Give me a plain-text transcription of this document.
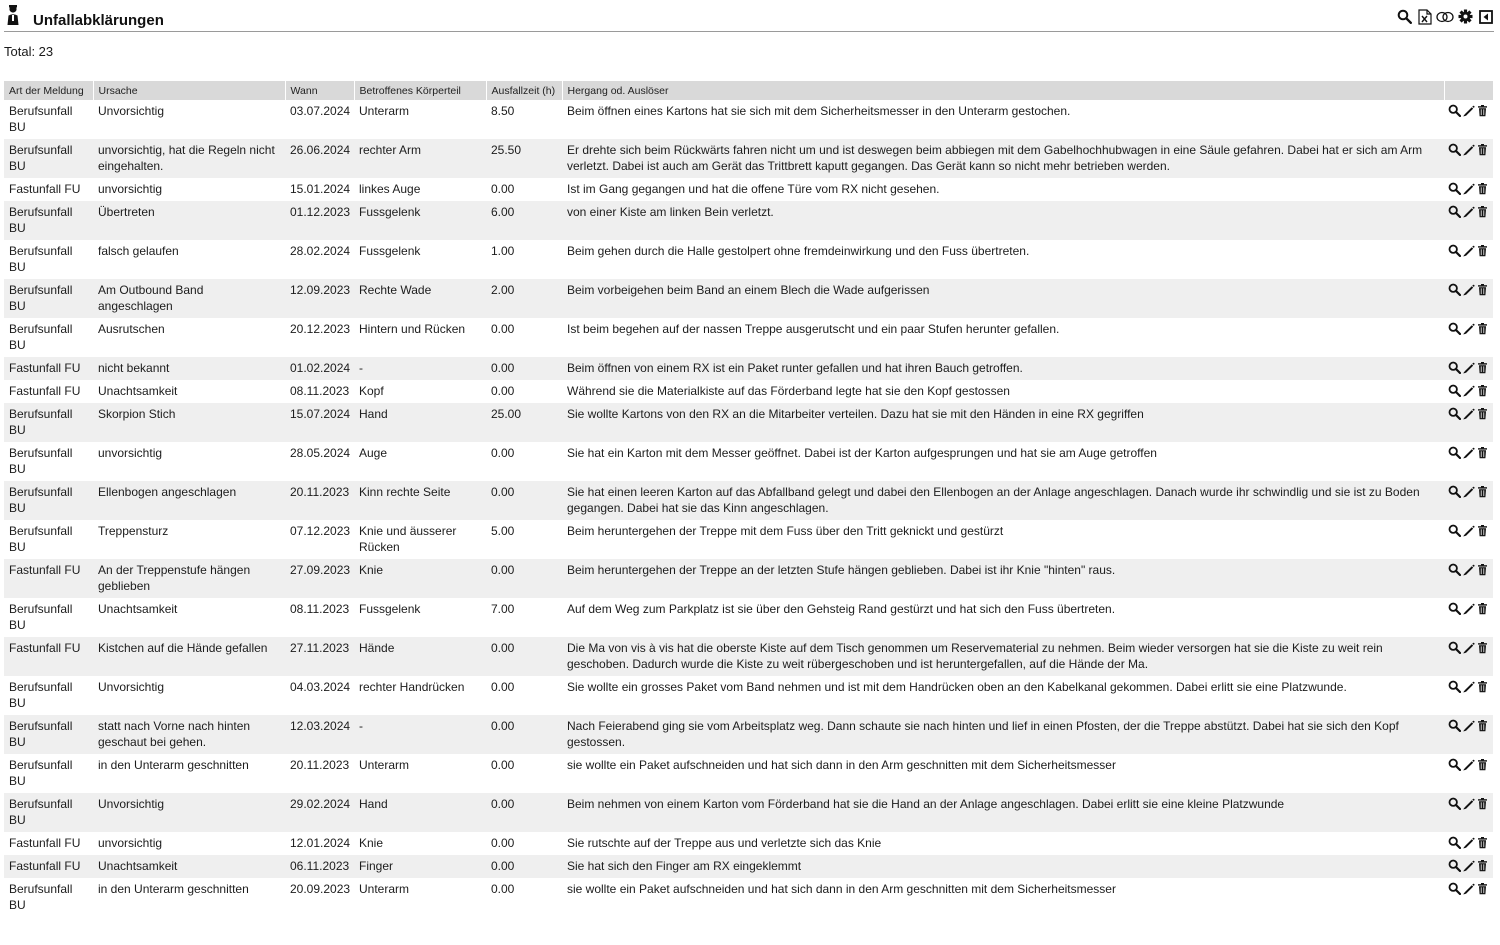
Unfallabklärungen
Total: 23
Art der Meldung	Ursache	Wann	Betroffenes Körperteil	Ausfallzeit (h)	Hergang od. Auslöser	
Berufsunfall BU	Unvorsichtig	03.07.2024	Unterarm	8.50	Beim öffnen eines Kartons hat sie sich mit dem Sicherheitsmesser in den Unterarm gestochen.	

Berufsunfall BU	unvorsichtig, hat die Regeln nicht eingehalten.	26.06.2024	rechter Arm	25.50	Er drehte sich beim Rückwärts fahren nicht um und ist deswegen beim abbiegen mit dem Gabelhochhubwagen in eine Säule gefahren. Dabei hat er sich am Arm verletzt. Dabei ist auch am Gerät das Trittbrett kaputt gegangen. Das Gerät kann so nicht mehr betrieben werden.	

Fastunfall FU	unvorsichtig	15.01.2024	linkes Auge	0.00	Ist im Gang gegangen und hat die offene Türe vom RX nicht gesehen.	

Berufsunfall BU	Übertreten	01.12.2023	Fussgelenk	6.00	von einer Kiste am linken Bein verletzt.	

Berufsunfall BU	falsch gelaufen	28.02.2024	Fussgelenk	1.00	Beim gehen durch die Halle gestolpert ohne fremdeinwirkung und den Fuss übertreten.	

Berufsunfall BU	Am Outbound Band angeschlagen	12.09.2023	Rechte Wade	2.00	Beim vorbeigehen beim Band an einem Blech die Wade aufgerissen	

Berufsunfall BU	Ausrutschen	20.12.2023	Hintern und Rücken	0.00	Ist beim begehen auf der nassen Treppe ausgerutscht und ein paar Stufen herunter gefallen.	

Fastunfall FU	nicht bekannt	01.02.2024	-	0.00	Beim öffnen von einem RX ist ein Paket runter gefallen und hat ihren Bauch getroffen.	

Fastunfall FU	Unachtsamkeit	08.11.2023	Kopf	0.00	Während sie die Materialkiste auf das Förderband legte hat sie den Kopf gestossen	

Berufsunfall BU	Skorpion Stich	15.07.2024	Hand	25.00	Sie wollte Kartons von den RX an die Mitarbeiter verteilen. Dazu hat sie mit den Händen in eine RX gegriffen	

Berufsunfall BU	unvorsichtig	28.05.2024	Auge	0.00	Sie hat ein Karton mit dem Messer geöffnet. Dabei ist der Karton aufgesprungen und hat sie am Auge getroffen	

Berufsunfall BU	Ellenbogen angeschlagen	20.11.2023	Kinn rechte Seite	0.00	Sie hat einen leeren Karton auf das Abfallband gelegt und dabei den Ellenbogen an der Anlage angeschlagen. Danach wurde ihr schwindlig und sie ist zu Boden gegangen. Dabei hat sie das Kinn angeschlagen.	

Berufsunfall BU	Treppensturz	07.12.2023	Knie und äusserer Rücken	5.00	Beim heruntergehen der Treppe mit dem Fuss über den Tritt geknickt und gestürzt	

Fastunfall FU	An der Treppenstufe hängen geblieben	27.09.2023	Knie	0.00	Beim heruntergehen der Treppe an der letzten Stufe hängen geblieben. Dabei ist ihr Knie "hinten" raus.	

Berufsunfall BU	Unachtsamkeit	08.11.2023	Fussgelenk	7.00	Auf dem Weg zum Parkplatz ist sie über den Gehsteig Rand gestürzt und hat sich den Fuss übertreten.	

Fastunfall FU	Kistchen auf die Hände gefallen	27.11.2023	Hände	0.00	Die Ma von vis à vis hat die oberste Kiste auf dem Tisch genommen um Reservematerial zu nehmen. Beim wieder versorgen hat sie die Kiste zu weit rein geschoben. Dadurch wurde die Kiste zu weit rübergeschoben und ist heruntergefallen, auf die Hände der Ma.	

Berufsunfall BU	Unvorsichtig	04.03.2024	rechter Handrücken	0.00	Sie wollte ein grosses Paket vom Band nehmen und ist mit dem Handrücken oben an den Kabelkanal gekommen. Dabei erlitt sie eine Platzwunde.	

Berufsunfall BU	statt nach Vorne nach hinten geschaut bei gehen.	12.03.2024	-	0.00	Nach Feierabend ging sie vom Arbeitsplatz weg. Dann schaute sie nach hinten und lief in einen Pfosten, der die Treppe abstützt. Dabei hat sie sich den Kopf gestossen.	

Berufsunfall BU	in den Unterarm geschnitten	20.11.2023	Unterarm	0.00	sie wollte ein Paket aufschneiden und hat sich dann in den Arm geschnitten mit dem Sicherheitsmesser	

Berufsunfall BU	Unvorsichtig	29.02.2024	Hand	0.00	Beim nehmen von einem Karton vom Förderband hat sie die Hand an der Anlage angeschlagen. Dabei erlitt sie eine kleine Platzwunde	

Fastunfall FU	unvorsichtig	12.01.2024	Knie	0.00	Sie rutschte auf der Treppe aus und verletzte sich das Knie	

Fastunfall FU	Unachtsamkeit	06.11.2023	Finger	0.00	Sie hat sich den Finger am RX eingeklemmt	

Berufsunfall BU	in den Unterarm geschnitten	20.09.2023	Unterarm	0.00	sie wollte ein Paket aufschneiden und hat sich dann in den Arm geschnitten mit dem Sicherheitsmesser	
